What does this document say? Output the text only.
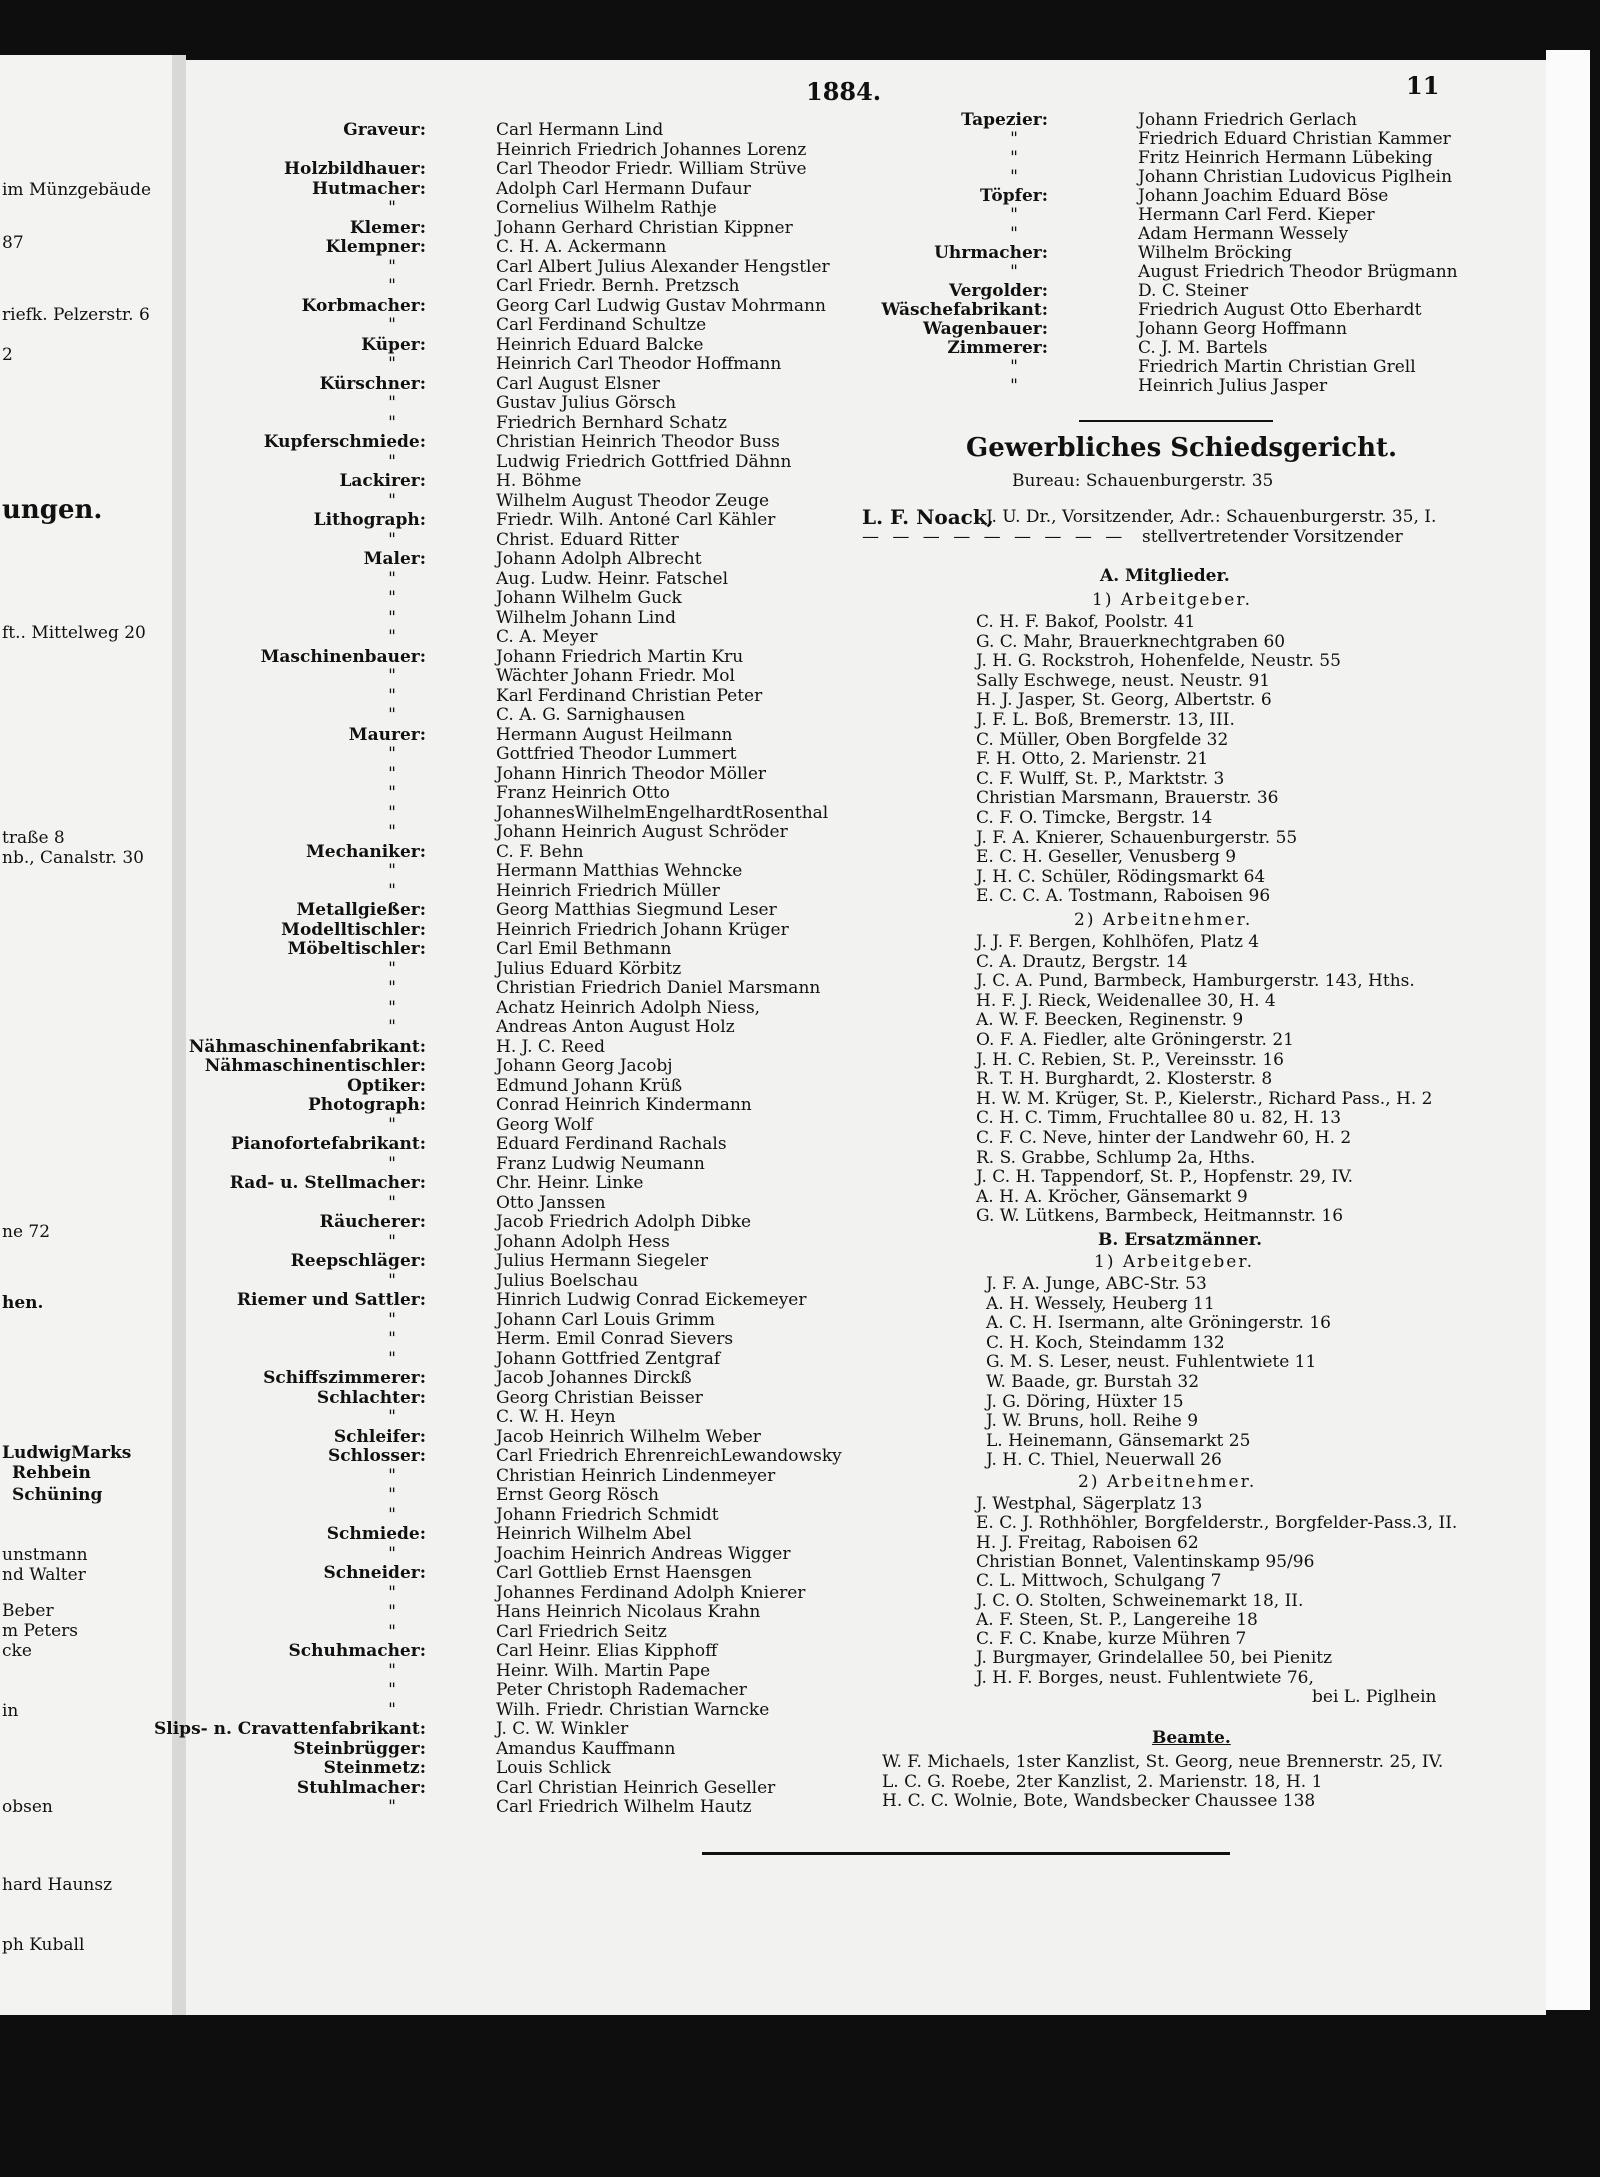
im Münzgebäude
87
riefk. Pelzerstr. 6
2
ungen.
ft.. Mittelweg 20
traße 8
nb., Canalstr. 30
ne 72
hen.
LudwigMarks
Rehbein
Schüning
unstmann
nd Walter
Beber
m Peters
cke
in
obsen
hard Haunsz
ph Kuball
1884.	11
Graveur:	Carl Hermann Lind
Heinrich Friedrich Johannes Lorenz
Holzbildhauer:	Carl Theodor Friedr. William Strüve
Hutmacher:	Adolph Carl Hermann Dufaur
"	Cornelius Wilhelm Rathje
Klemer:	Johann Gerhard Christian Kippner
Klempner:	C. H. A. Ackermann
"	Carl Albert Julius Alexander Hengstler
"	Carl Friedr. Bernh. Pretzsch
Korbmacher:	Georg Carl Ludwig Gustav Mohrmann
"	Carl Ferdinand Schultze
Küper:	Heinrich Eduard Balcke
"	Heinrich Carl Theodor Hoffmann
Kürschner:	Carl August Elsner
"	Gustav Julius Görsch
"	Friedrich Bernhard Schatz
Kupferschmiede:	Christian Heinrich Theodor Buss
"	Ludwig Friedrich Gottfried Dähnn
Lackirer:	H. Böhme
"	Wilhelm August Theodor Zeuge
Lithograph:	Friedr. Wilh. Antoné Carl Kähler
"	Christ. Eduard Ritter
Maler:	Johann Adolph Albrecht
"	Aug. Ludw. Heinr. Fatschel
"	Johann Wilhelm Guck
"	Wilhelm Johann Lind
"	C. A. Meyer
Maschinenbauer:	Johann Friedrich Martin Kru
"	Wächter Johann Friedr. Mol
"	Karl Ferdinand Christian Peter
"	C. A. G. Sarnighausen
Maurer:	Hermann August Heilmann
"	Gottfried Theodor Lummert
"	Johann Hinrich Theodor Möller
"	Franz Heinrich Otto
"	JohannesWilhelmEngelhardtRosenthal
"	Johann Heinrich August Schröder
Mechaniker:	C. F. Behn
"	Hermann Matthias Wehncke
"	Heinrich Friedrich Müller
Metallgießer:	Georg Matthias Siegmund Leser
Modelltischler:	Heinrich Friedrich Johann Krüger
Möbeltischler:	Carl Emil Bethmann
"	Julius Eduard Körbitz
"	Christian Friedrich Daniel Marsmann
"	Achatz Heinrich Adolph Niess,
"	Andreas Anton August Holz
Nähmaschinenfabrikant:	H. J. C. Reed
Nähmaschinentischler:	Johann Georg Jacobj
Optiker:	Edmund Johann Krüß
Photograph:	Conrad Heinrich Kindermann
"	Georg Wolf
Pianofortefabrikant:	Eduard Ferdinand Rachals
"	Franz Ludwig Neumann
Rad- u. Stellmacher:	Chr. Heinr. Linke
"	Otto Janssen
Räucherer:	Jacob Friedrich Adolph Dibke
"	Johann Adolph Hess
Reepschläger:	Julius Hermann Siegeler
"	Julius Boelschau
Riemer und Sattler:	Hinrich Ludwig Conrad Eickemeyer
"	Johann Carl Louis Grimm
"	Herm. Emil Conrad Sievers
"	Johann Gottfried Zentgraf
Schiffszimmerer:	Jacob Johannes Dirckß
Schlachter:	Georg Christian Beisser
"	C. W. H. Heyn
Schleifer:	Jacob Heinrich Wilhelm Weber
Schlosser:	Carl Friedrich EhrenreichLewandowsky
"	Christian Heinrich Lindenmeyer
"	Ernst Georg Rösch
"	Johann Friedrich Schmidt
Schmiede:	Heinrich Wilhelm Abel
"	Joachim Heinrich Andreas Wigger
Schneider:	Carl Gottlieb Ernst Haensgen
"	Johannes Ferdinand Adolph Knierer
"	Hans Heinrich Nicolaus Krahn
"	Carl Friedrich Seitz
Schuhmacher:	Carl Heinr. Elias Kipphoff
"	Heinr. Wilh. Martin Pape
"	Peter Christoph Rademacher
"	Wilh. Friedr. Christian Warncke
Slips- n. Cravattenfabrikant:	J. C. W. Winkler
Steinbrügger:	Amandus Kauffmann
Steinmetz:	Louis Schlick
Stuhlmacher:	Carl Christian Heinrich Geseller
"	Carl Friedrich Wilhelm Hautz
Tapezier:	Johann Friedrich Gerlach
"	Friedrich Eduard Christian Kammer
"	Fritz Heinrich Hermann Lübeking
"	Johann Christian Ludovicus Piglhein
Töpfer:	Johann Joachim Eduard Böse
"	Hermann Carl Ferd. Kieper
"	Adam Hermann Wessely
Uhrmacher:	Wilhelm Bröcking
"	August Friedrich Theodor Brügmann
Vergolder:	D. C. Steiner
Wäschefabrikant:	Friedrich August Otto Eberhardt
Wagenbauer:	Johann Georg Hoffmann
Zimmerer:	C. J. M. Bartels
"	Friedrich Martin Christian Grell
"	Heinrich Julius Jasper
Gewerbliches Schiedsgericht.
Bureau: Schauenburgerstr. 35
L. F. Noack,
J. U. Dr., Vorsitzender, Adr.: Schauenburgerstr. 35, I.
— — — — — — — — — stellvertretender Vorsitzender
A. Mitglieder.
1) Arbeitgeber.
C. H. F. Bakof, Poolstr. 41
G. C. Mahr, Brauerknechtgraben 60
J. H. G. Rockstroh, Hohenfelde, Neustr. 55
Sally Eschwege, neust. Neustr. 91
H. J. Jasper, St. Georg, Albertstr. 6
J. F. L. Boß, Bremerstr. 13, III.
C. Müller, Oben Borgfelde 32
F. H. Otto, 2. Marienstr. 21
C. F. Wulff, St. P., Marktstr. 3
Christian Marsmann, Brauerstr. 36
C. F. O. Timcke, Bergstr. 14
J. F. A. Knierer, Schauenburgerstr. 55
E. C. H. Geseller, Venusberg 9
J. H. C. Schüler, Rödingsmarkt 64
E. C. C. A. Tostmann, Raboisen 96
2) Arbeitnehmer.
J. J. F. Bergen, Kohlhöfen, Platz 4
C. A. Drautz, Bergstr. 14
J. C. A. Pund, Barmbeck, Hamburgerstr. 143, Hths.
H. F. J. Rieck, Weidenallee 30, H. 4
A. W. F. Beecken, Reginenstr. 9
O. F. A. Fiedler, alte Gröningerstr. 21
J. H. C. Rebien, St. P., Vereinsstr. 16
R. T. H. Burghardt, 2. Klosterstr. 8
H. W. M. Krüger, St. P., Kielerstr., Richard Pass., H. 2
C. H. C. Timm, Fruchtallee 80 u. 82, H. 13
C. F. C. Neve, hinter der Landwehr 60, H. 2
R. S. Grabbe, Schlump 2a, Hths.
J. C. H. Tappendorf, St. P., Hopfenstr. 29, IV.
A. H. A. Kröcher, Gänsemarkt 9
G. W. Lütkens, Barmbeck, Heitmannstr. 16
B. Ersatzmänner.
1) Arbeitgeber.
J. F. A. Junge, ABC-Str. 53
A. H. Wessely, Heuberg 11
A. C. H. Isermann, alte Gröningerstr. 16
C. H. Koch, Steindamm 132
G. M. S. Leser, neust. Fuhlentwiete 11
W. Baade, gr. Burstah 32
J. G. Döring, Hüxter 15
J. W. Bruns, holl. Reihe 9
L. Heinemann, Gänsemarkt 25
J. H. C. Thiel, Neuerwall 26
2) Arbeitnehmer.
J. Westphal, Sägerplatz 13
E. C. J. Rothhöhler, Borgfelderstr., Borgfelder-Pass.3, II.
H. J. Freitag, Raboisen 62
Christian Bonnet, Valentinskamp 95/96
C. L. Mittwoch, Schulgang 7
J. C. O. Stolten, Schweinemarkt 18, II.
A. F. Steen, St. P., Langereihe 18
C. F. C. Knabe, kurze Mühren 7
J. Burgmayer, Grindelallee 50, bei Pienitz
J. H. F. Borges, neust. Fuhlentwiete 76,
bei L. Piglhein
Beamte.
W. F. Michaels, 1ster Kanzlist, St. Georg, neue Brennerstr. 25, IV.
L. C. G. Roebe, 2ter Kanzlist, 2. Marienstr. 18, H. 1
H. C. C. Wolnie, Bote, Wandsbecker Chaussee 138
